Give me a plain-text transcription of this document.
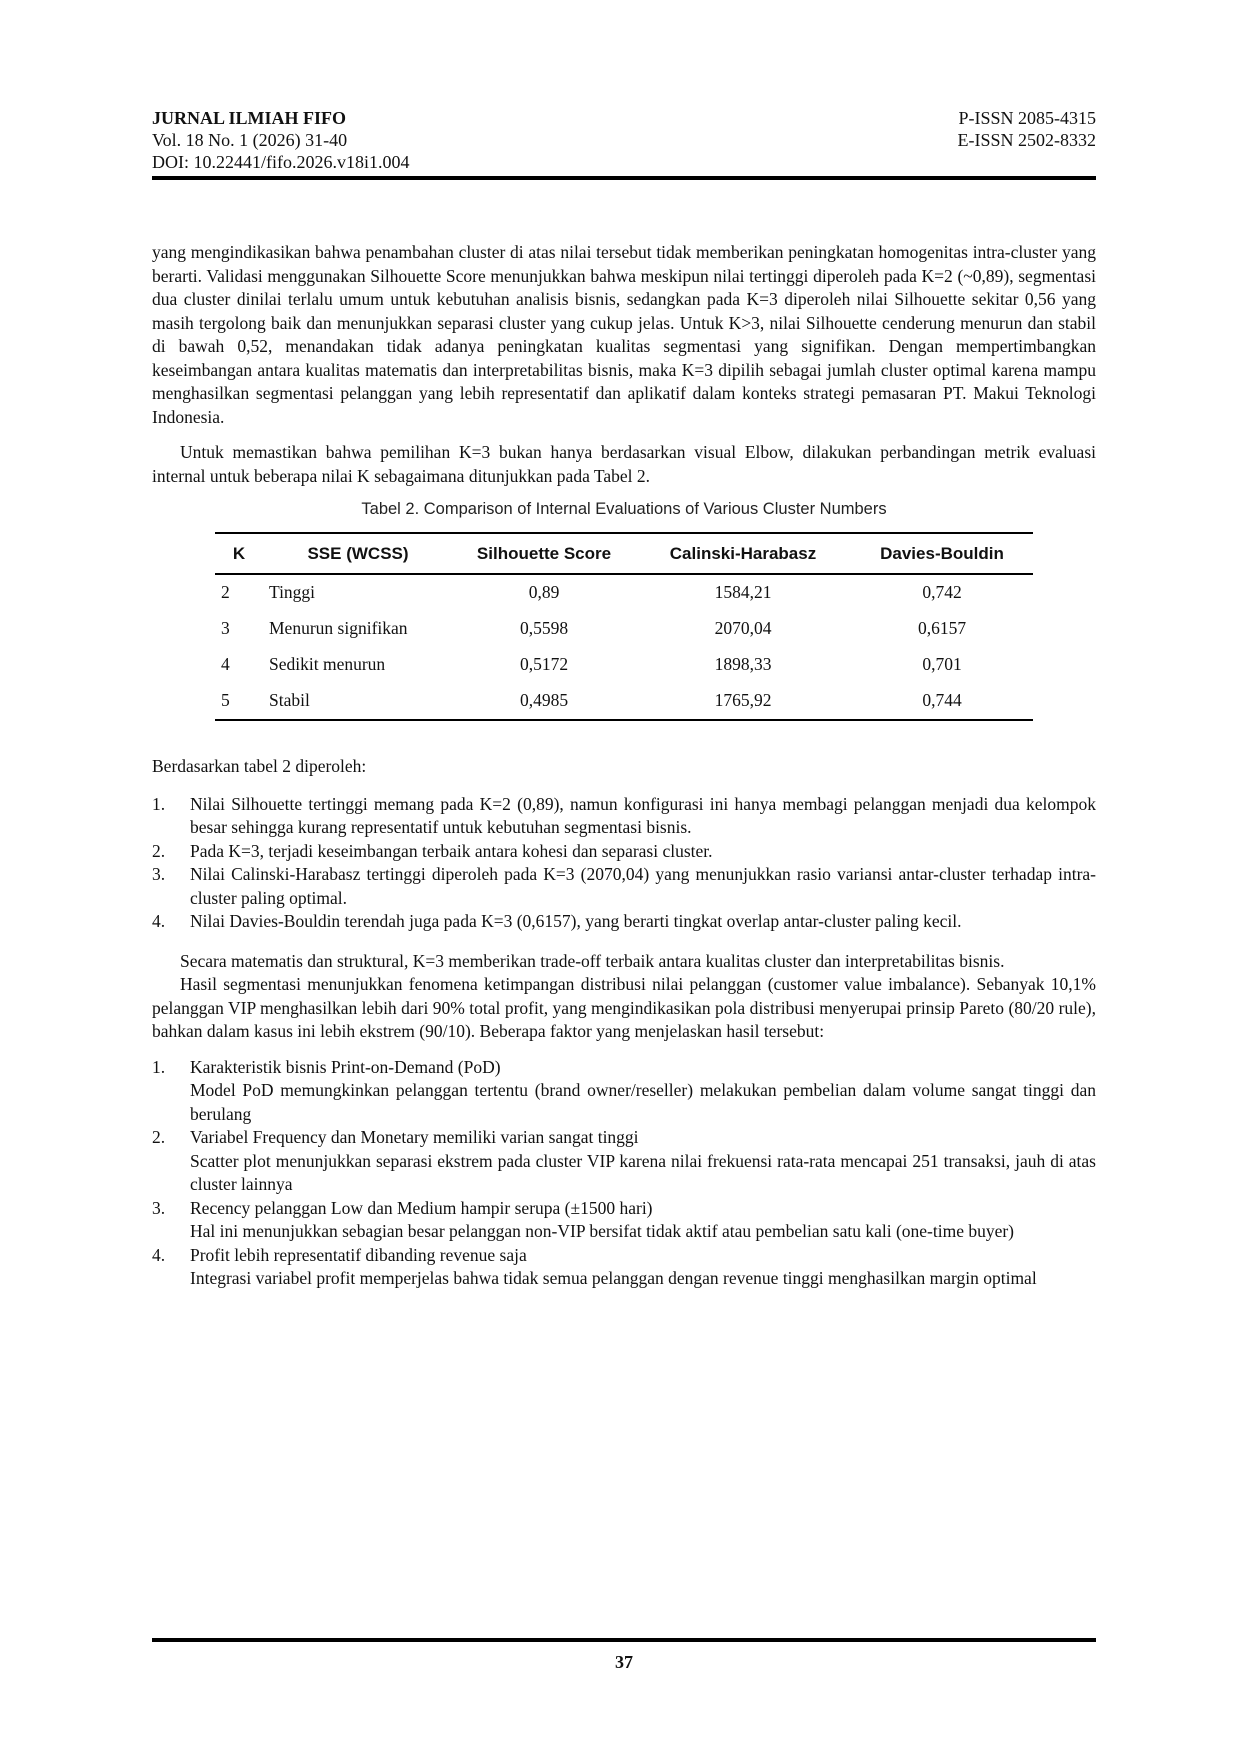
JURNAL ILMIAH FIFO	P-ISSN 2085-4315
Vol. 18 No. 1 (2026) 31-40	E-ISSN 2502-8332
DOI: 10.22441/fifo.2026.v18i1.004

yang mengindikasikan bahwa penambahan cluster di atas nilai tersebut tidak memberikan peningkatan homogenitas intra-cluster yang berarti. Validasi menggunakan Silhouette Score menunjukkan bahwa meskipun nilai tertinggi diperoleh pada K=2 (~0,89), segmentasi dua cluster dinilai terlalu umum untuk kebutuhan analisis bisnis, sedangkan pada K=3 diperoleh nilai Silhouette sekitar 0,56 yang masih tergolong baik dan menunjukkan separasi cluster yang cukup jelas. Untuk K>3, nilai Silhouette cenderung menurun dan stabil di bawah 0,52, menandakan tidak adanya peningkatan kualitas segmentasi yang signifikan. Dengan mempertimbangkan keseimbangan antara kualitas matematis dan interpretabilitas bisnis, maka K=3 dipilih sebagai jumlah cluster optimal karena mampu menghasilkan segmentasi pelanggan yang lebih representatif dan aplikatif dalam konteks strategi pemasaran PT. Makui Teknologi Indonesia.

Untuk memastikan bahwa pemilihan K=3 bukan hanya berdasarkan visual Elbow, dilakukan perbandingan metrik evaluasi internal untuk beberapa nilai K sebagaimana ditunjukkan pada Tabel 2.

Tabel 2. Comparison of Internal Evaluations of Various Cluster Numbers
K	SSE (WCSS)	Silhouette Score	Calinski-Harabasz	Davies-Bouldin
2	Tinggi	0,89	1584,21	0,742
3	Menurun signifikan	0,5598	2070,04	0,6157
4	Sedikit menurun	0,5172	1898,33	0,701
5	Stabil	0,4985	1765,92	0,744

Berdasarkan tabel 2 diperoleh:

1. Nilai Silhouette tertinggi memang pada K=2 (0,89), namun konfigurasi ini hanya membagi pelanggan menjadi dua kelompok besar sehingga kurang representatif untuk kebutuhan segmentasi bisnis.
2. Pada K=3, terjadi keseimbangan terbaik antara kohesi dan separasi cluster.
3. Nilai Calinski-Harabasz tertinggi diperoleh pada K=3 (2070,04) yang menunjukkan rasio variansi antar-cluster terhadap intra-cluster paling optimal.
4. Nilai Davies-Bouldin terendah juga pada K=3 (0,6157), yang berarti tingkat overlap antar-cluster paling kecil.

Secara matematis dan struktural, K=3 memberikan trade-off terbaik antara kualitas cluster dan interpretabilitas bisnis.

Hasil segmentasi menunjukkan fenomena ketimpangan distribusi nilai pelanggan (customer value imbalance). Sebanyak 10,1% pelanggan VIP menghasilkan lebih dari 90% total profit, yang mengindikasikan pola distribusi menyerupai prinsip Pareto (80/20 rule), bahkan dalam kasus ini lebih ekstrem (90/10). Beberapa faktor yang menjelaskan hasil tersebut:

1. Karakteristik bisnis Print-on-Demand (PoD)
Model PoD memungkinkan pelanggan tertentu (brand owner/reseller) melakukan pembelian dalam volume sangat tinggi dan berulang
2. Variabel Frequency dan Monetary memiliki varian sangat tinggi
Scatter plot menunjukkan separasi ekstrem pada cluster VIP karena nilai frekuensi rata-rata mencapai 251 transaksi, jauh di atas cluster lainnya
3. Recency pelanggan Low dan Medium hampir serupa (±1500 hari)
Hal ini menunjukkan sebagian besar pelanggan non-VIP bersifat tidak aktif atau pembelian satu kali (one-time buyer)
4. Profit lebih representatif dibanding revenue saja
Integrasi variabel profit memperjelas bahwa tidak semua pelanggan dengan revenue tinggi menghasilkan margin optimal
37
